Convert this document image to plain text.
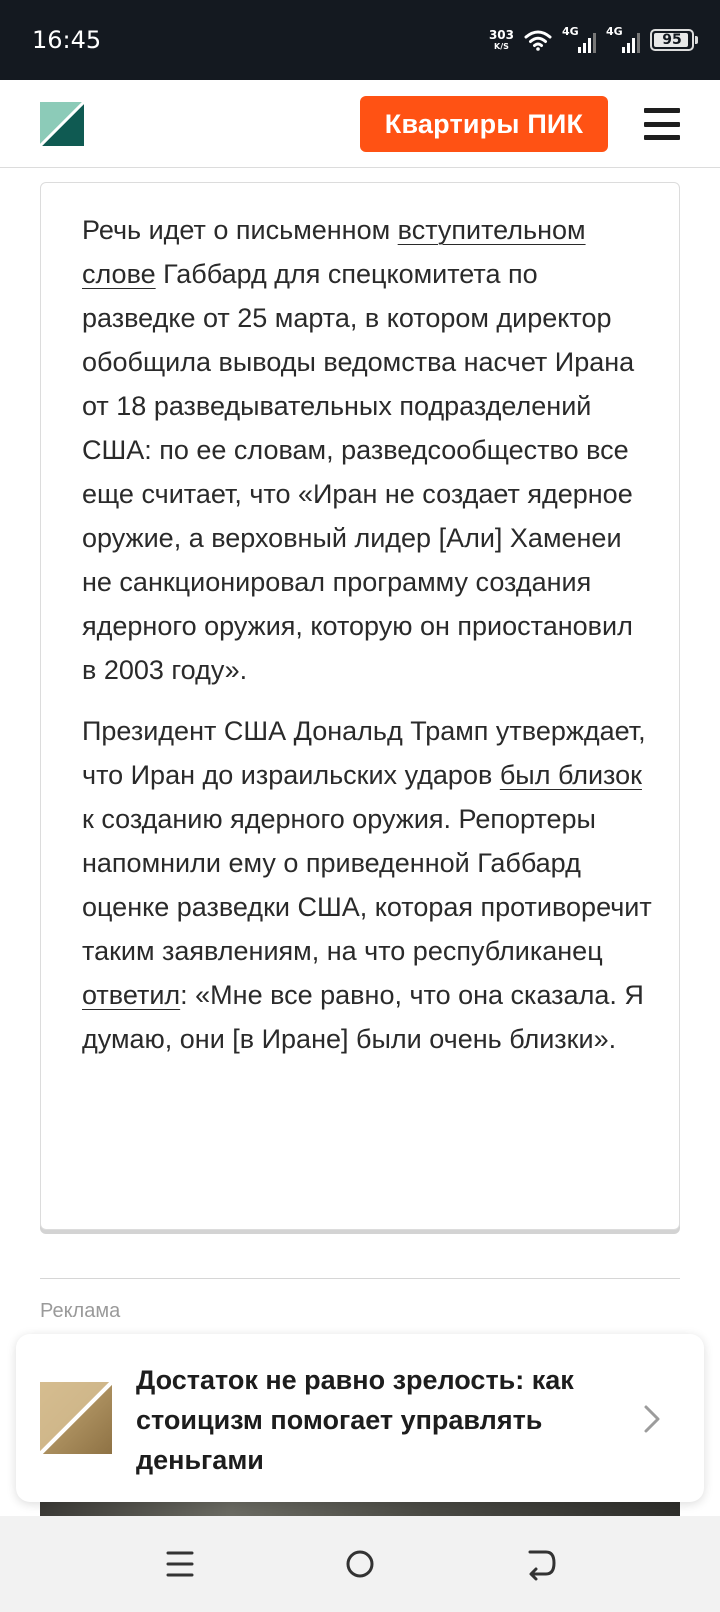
16:45	303
K/S
4G 4G
95
Квартиры ПИК

Речь идет о письменном вступительном слове Габбард для спецкомитета по разведке от 25 марта, в котором директор обобщила выводы ведомства насчет Ирана от 18 разведывательных подразделений США: по ее словам, разведсообщество все еще считает, что «Иран не создает ядерное оружие, а верховный лидер [Али] Хаменеи не санкционировал программу создания ядерного оружия, которую он приостановил в 2003 году».

Президент США Дональд Трамп утверждает, что Иран до израильских ударов был близок к созданию ядерного оружия. Репортеры напомнили ему о приведенной Габбард оценке разведки США, которая противоречит таким заявлениям, на что республиканец ответил: «Мне все равно, что она сказала. Я думаю, они [в Иране] были очень близки».

Реклама
Достаток не равно зрелость: как стоицизм помогает управлять деньгами
